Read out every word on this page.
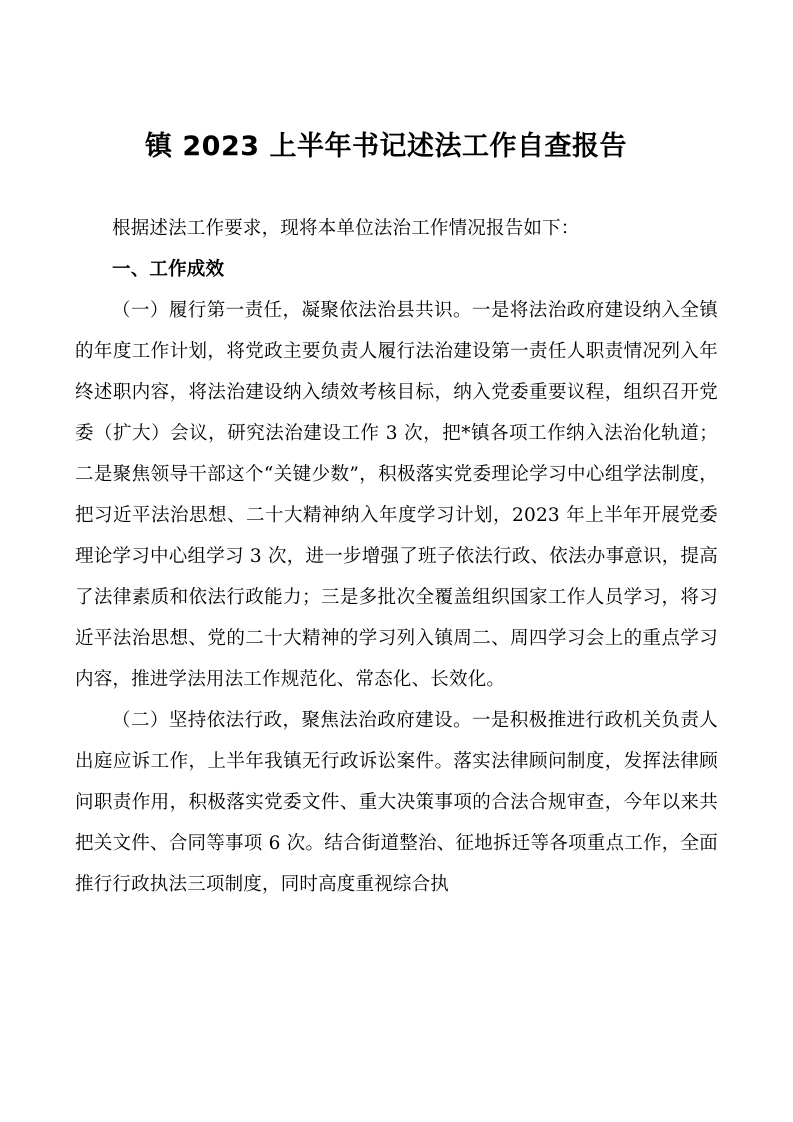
镇 2023 上半年书记述法工作自查报告

根据述法工作要求，现将本单位法治工作情况报告如下：

一、工作成效

（一）履行第一责任，凝聚依法治县共识。一是将法治政府建设纳入全镇的年度工作计划，将党政主要负责人履行法治建设第一责任人职责情况列入年终述职内容，将法治建设纳入绩效考核目标，纳入党委重要议程，组织召开党委（扩大）会议，研究法治建设工作 3 次，把*镇各项工作纳入法治化轨道；二是聚焦领导干部这个“关键少数”，积极落实党委理论学习中心组学法制度，把习近平法治思想、二十大精神纳入年度学习计划，2023 年上半年开展党委理论学习中心组学习 3 次，进一步增强了班子依法行政、依法办事意识，提高了法律素质和依法行政能力；三是多批次全覆盖组织国家工作人员学习，将习近平法治思想、党的二十大精神的学习列入镇周二、周四学习会上的重点学习内容，推进学法用法工作规范化、常态化、长效化。

（二）坚持依法行政，聚焦法治政府建设。一是积极推进行政机关负责人出庭应诉工作，上半年我镇无行政诉讼案件。落实法律顾问制度，发挥法律顾问职责作用，积极落实党委文件、重大决策事项的合法合规审查，今年以来共把关文件、合同等事项 6 次。结合街道整治、征地拆迁等各项重点工作，全面推行行政执法三项制度，同时高度重视综合执
